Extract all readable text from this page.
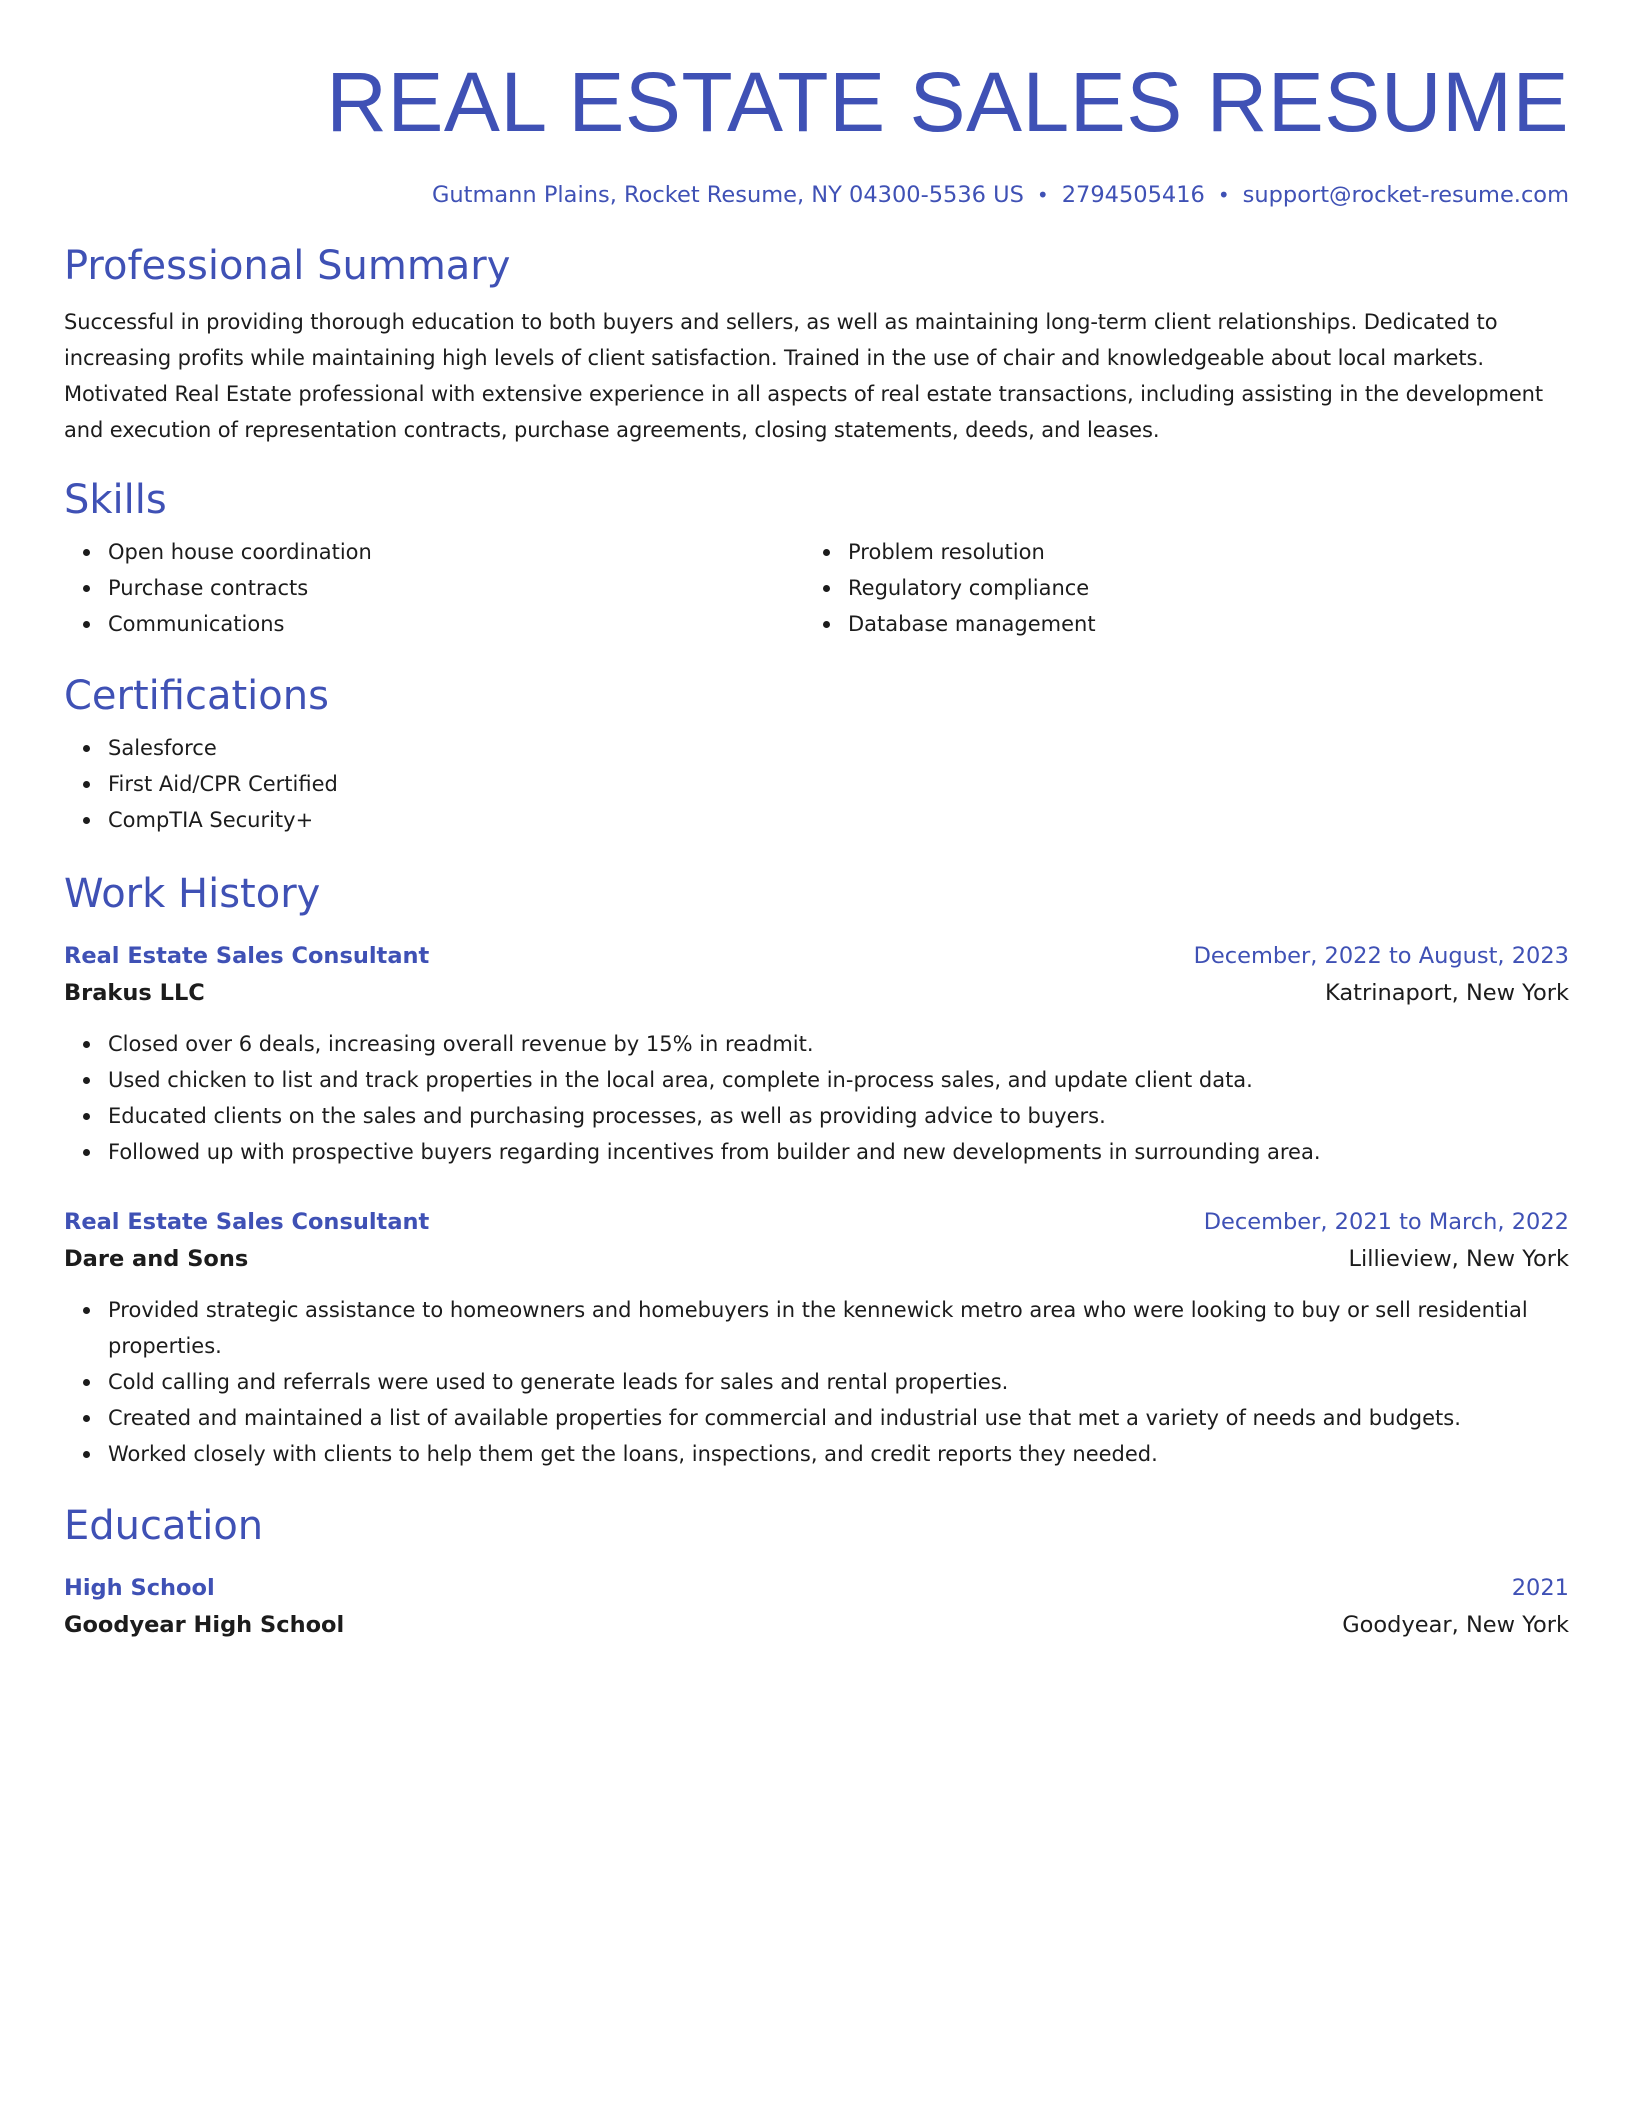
REAL ESTATE SALES RESUME
Gutmann Plains, Rocket Resume, NY 04300-5536 US • 2794505416 • support@rocket-resume.com
Professional Summary

Successful in providing thorough education to both buyers and sellers, as well as maintaining long-term client relationships. Dedicated to increasing profits while maintaining high levels of client satisfaction. Trained in the use of chair and knowledgeable about local markets. Motivated Real Estate professional with extensive experience in all aspects of real estate transactions, including assisting in the development and execution of representation contracts, purchase agreements, closing statements, deeds, and leases.

Skills
Open house coordination
Purchase contracts
Communications
Problem resolution
Regulatory compliance
Database management
Certifications
Salesforce
First Aid/CPR Certified
CompTIA Security+
Work History
Real Estate Sales Consultant	December, 2022 to August, 2023
Brakus LLC	Katrinaport, New York
Closed over 6 deals, increasing overall revenue by 15% in readmit.
Used chicken to list and track properties in the local area, complete in-process sales, and update client data.
Educated clients on the sales and purchasing processes, as well as providing advice to buyers.
Followed up with prospective buyers regarding incentives from builder and new developments in surrounding area.
Real Estate Sales Consultant	December, 2021 to March, 2022
Dare and Sons	Lillieview, New York
Provided strategic assistance to homeowners and homebuyers in the kennewick metro area who were looking to buy or sell residential properties.
Cold calling and referrals were used to generate leads for sales and rental properties.
Created and maintained a list of available properties for commercial and industrial use that met a variety of needs and budgets.
Worked closely with clients to help them get the loans, inspections, and credit reports they needed.
Education
High School	2021
Goodyear High School	Goodyear, New York
